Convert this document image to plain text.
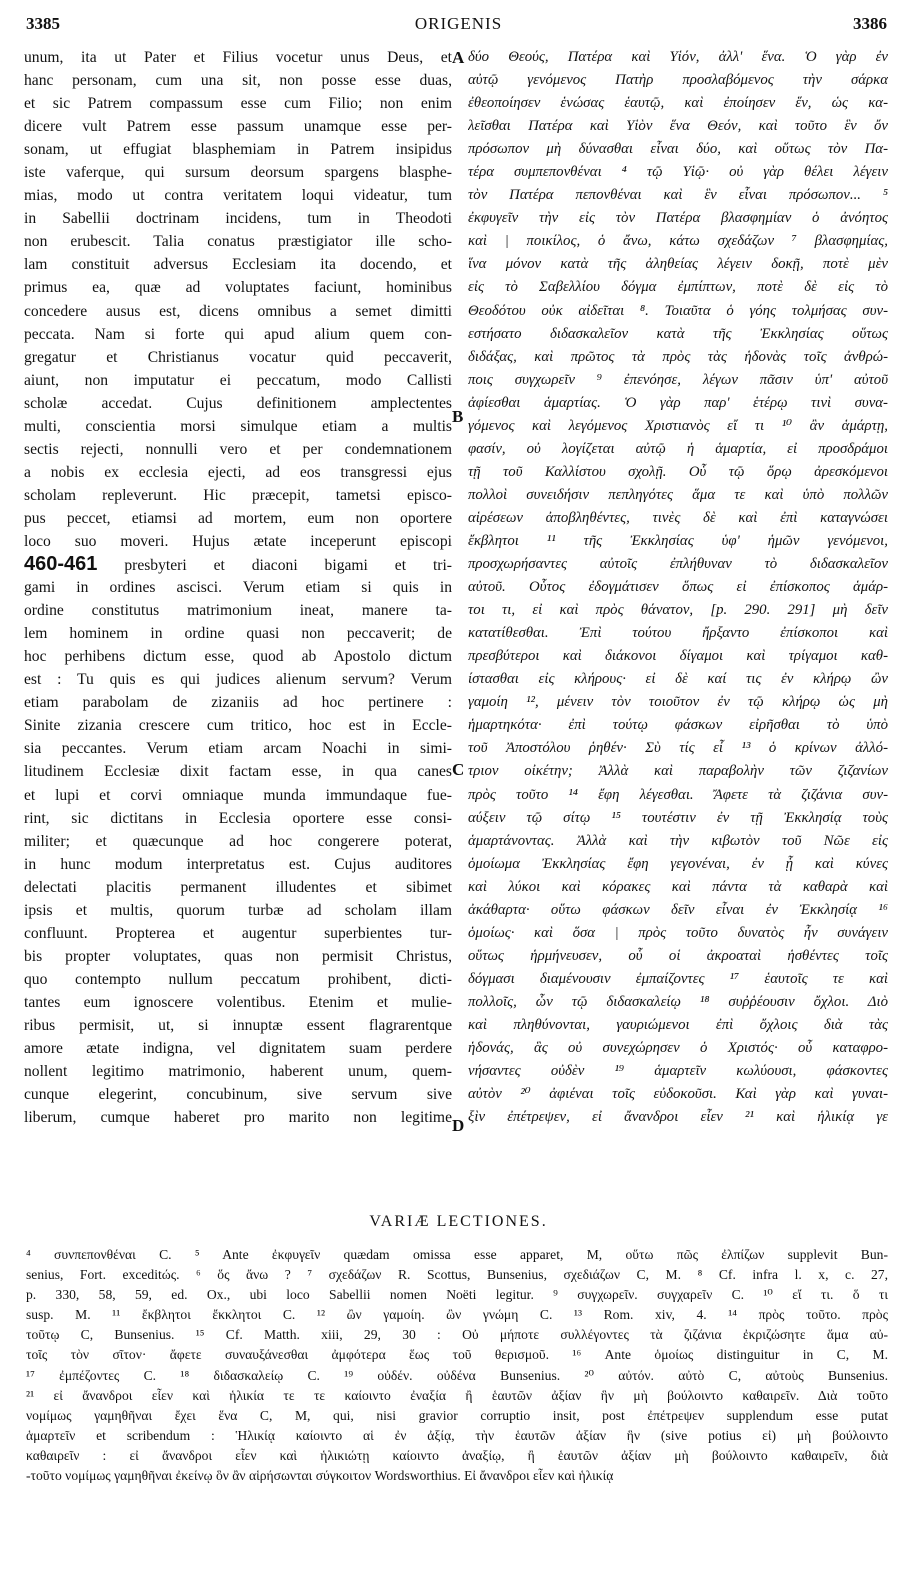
3385	ORIGENIS	3386
unum, ita ut Pater et Filius vocetur unus Deus, et
hanc personam, cum una sit, non posse esse duas,
et sic Patrem compassum esse cum Filio; non enim
dicere vult Patrem esse passum unamque esse per-
sonam, ut effugiat blasphemiam in Patrem insipidus
iste vaferque, qui sursum deorsum spargens blasphe-
mias, modo ut contra veritatem loqui videatur, tum
in Sabellii doctrinam incidens, tum in Theodoti
non erubescit. Talia conatus præstigiator ille scho-
lam constituit adversus Ecclesiam ita docendo, et
primus ea, quæ ad voluptates faciunt, hominibus
concedere ausus est, dicens omnibus a semet dimitti
peccata. Nam si forte qui apud alium quem con-
gregatur et Christianus vocatur quid peccaverit,
aiunt, non imputatur ei peccatum, modo Callisti
scholæ accedat. Cujus definitionem amplectentes
multi, conscientia morsi simulque etiam a multis
sectis rejecti, nonnulli vero et per condemnationem
a nobis ex ecclesia ejecti, ad eos transgressi ejus
scholam repleverunt. Hic præcepit, tametsi episco-
pus peccet, etiamsi ad mortem, eum non oportere
loco suo moveri. Hujus ætate inceperunt episcopi
460-461 presbyteri et diaconi bigami et tri-
gami in ordines ascisci. Verum etiam si quis in
ordine constitutus matrimonium ineat, manere ta-
lem hominem in ordine quasi non peccaverit; de
hoc perhibens dictum esse, quod ab Apostolo dictum
est : Tu quis es qui judices alienum servum? Verum
etiam parabolam de zizaniis ad hoc pertinere :
Sinite zizania crescere cum tritico, hoc est in Eccle-
sia peccantes. Verum etiam arcam Noachi in simi-
litudinem Ecclesiæ dixit factam esse, in qua canes
et lupi et corvi omniaque munda immundaque fue-
rint, sic dictitans in Ecclesia oportere esse consi-
militer; et quæcunque ad hoc congerere poterat,
in hunc modum interpretatus est. Cujus auditores
delectati placitis permanent illudentes et sibimet
ipsis et multis, quorum turbæ ad scholam illam
confluunt. Propterea et augentur superbientes tur-
bis propter voluptates, quas non permisit Christus,
quo contempto nullum peccatum prohibent, dicti-
tantes eum ignoscere volentibus. Etenim et mulie-
ribus permisit, ut, si innuptæ essent flagrarentque
amore ætate indigna, vel dignitatem suam perdere
nollent legitimo matrimonio, haberent unum, quem-
cunque elegerint, concubinum, sive servum sive
liberum, cumque haberet pro marito non legitime
δύο Θεούς, Πατέρα καὶ Υἱόν, ἀλλ' ἕνα. Ὁ γὰρ ἐν
αὐτῷ γενόμενος Πατὴρ προσλαβόμενος τὴν σάρκα
ἐθεοποίησεν ἑνώσας ἑαυτῷ, καὶ ἐποίησεν ἕν, ὡς κα-
λεῖσθαι Πατέρα καὶ Υἱὸν ἕνα Θεόν, καὶ τοῦτο ἓν ὄν
πρόσωπον μὴ δύνασθαι εἶναι δύο, καὶ οὕτως τὸν Πα-
τέρα συμπεπονθέναι ⁴ τῷ Υἱῷ· οὐ γὰρ θέλει λέγειν
τὸν Πατέρα πεπονθέναι καὶ ἓν εἶναι πρόσωπον... ⁵
ἐκφυγεῖν τὴν εἰς τὸν Πατέρα βλασφημίαν ὁ ἀνόητος
καὶ | ποικίλος, ὁ ἄνω, κάτω σχεδάζων ⁷ βλασφημίας,
ἵνα μόνον κατὰ τῆς ἀληθείας λέγειν δοκῇ, ποτὲ μὲν
εἰς τὸ Σαβελλίου δόγμα ἐμπίπτων, ποτὲ δὲ εἰς τὸ
Θεοδότου οὐκ αἰδεῖται ⁸. Τοιαῦτα ὁ γόης τολμήσας συν-
εστήσατο διδασκαλεῖον κατὰ τῆς Ἐκκλησίας οὕτως
διδάξας, καὶ πρῶτος τὰ πρὸς τὰς ἡδονὰς τοῖς ἀνθρώ-
ποις συγχωρεῖν ⁹ ἐπενόησε, λέγων πᾶσιν ὑπ' αὐτοῦ
ἀφίεσθαι ἁμαρτίας. Ὁ γὰρ παρ' ἑτέρῳ τινὶ συνα-
γόμενος καὶ λεγόμενος Χριστιανὸς εἴ τι ¹⁰ ἂν ἁμάρτῃ,
φασίν, οὐ λογίζεται αὐτῷ ἡ ἁμαρτία, εἰ προσδράμοι
τῇ τοῦ Καλλίστου σχολῇ. Οὗ τῷ ὅρῳ ἀρεσκόμενοι
πολλοὶ συνειδήσιν πεπληγότες ἅμα τε καὶ ὑπὸ πολλῶν
αἱρέσεων ἀποβληθέντες, τινὲς δὲ καὶ ἐπὶ καταγνώσει
ἔκβλητοι ¹¹ τῆς Ἐκκλησίας ὑφ' ἡμῶν γενόμενοι,
προσχωρήσαντες αὐτοῖς ἐπλήθυναν τὸ διδασκαλεῖον
αὐτοῦ. Οὗτος ἐδογμάτισεν ὅπως εἰ ἐπίσκοπος ἁμάρ-
τοι τι, εἰ καὶ πρὸς θάνατον, [p. 290. 291] μὴ δεῖν
κατατίθεσθαι. Ἐπὶ τούτου ἤρξαντο ἐπίσκοποι καὶ
πρεσβύτεροι καὶ διάκονοι δίγαμοι καὶ τρίγαμοι καθ-
ίστασθαι εἰς κλήρους· εἰ δὲ καί τις ἐν κλήρῳ ὢν
γαμοίη ¹², μένειν τὸν τοιοῦτον ἐν τῷ κλήρῳ ὡς μὴ
ἡμαρτηκότα· ἐπὶ τούτῳ φάσκων εἰρῆσθαι τὸ ὑπὸ
τοῦ Ἀποστόλου ῥηθέν· Σὺ τίς εἶ ¹³ ὁ κρίνων ἀλλό-
τριον οἰκέτην; Ἀλλὰ καὶ παραβολὴν τῶν ζιζανίων
πρὸς τοῦτο ¹⁴ ἔφη λέγεσθαι. Ἄφετε τὰ ζιζάνια συν-
αύξειν τῷ σίτῳ ¹⁵ τουτέστιν ἐν τῇ Ἐκκλησίᾳ τοὺς
ἁμαρτάνοντας. Ἀλλὰ καὶ τὴν κιβωτὸν τοῦ Νῶε εἰς
ὁμοίωμα Ἐκκλησίας ἔφη γεγονέναι, ἐν ᾗ καὶ κύνες
καὶ λύκοι καὶ κόρακες καὶ πάντα τὰ καθαρὰ καὶ
ἀκάθαρτα· οὕτω φάσκων δεῖν εἶναι ἐν Ἐκκλησίᾳ ¹⁶
ὁμοίως· καὶ ὅσα | πρὸς τοῦτο δυνατὸς ἦν συνάγειν
οὕτως ἡρμήνευσεν, οὗ οἱ ἀκροαταὶ ἡσθέντες τοῖς
δόγμασι διαμένουσιν ἐμπαίζοντες ¹⁷ ἑαυτοῖς τε καὶ
πολλοῖς, ὧν τῷ διδασκαλείῳ ¹⁸ συῤῥέουσιν ὄχλοι. Διὸ
καὶ πληθύνονται, γαυριώμενοι ἐπὶ ὄχλοις διὰ τὰς
ἡδονάς, ἃς οὐ συνεχώρησεν ὁ Χριστός· οὗ καταφρο-
νήσαντες οὐδὲν ¹⁹ ἁμαρτεῖν κωλύουσι, φάσκοντες
αὐτὸν ²⁰ ἀφιέναι τοῖς εὐδοκοῦσι. Καὶ γὰρ καὶ γυναι-
ξὶν ἐπέτρεψεν, εἰ ἄνανδροι εἶεν ²¹ καὶ ἡλικίᾳ γε
A
B
C
D
VARIÆ LECTIONES.
⁴ συνπεπονθέναι C. ⁵ Ante ἐκφυγεῖν quædam omissa esse apparet, M, οὕτω πῶς ἐλπίζων supplevit Bun-
senius, Fort. exceditώς. ⁶ ὅς ἄνω ? ⁷ σχεδάζων R. Scottus, Bunsenius, σχεδιάζων C, M. ⁸ Cf. infra l. x, c. 27,
p. 330, 58, 59, ed. Ox., ubi loco Sabellii nomen Noëti legitur. ⁹ συγχωρεῖν. συγχαρεῖν C. ¹⁰ εἴ τι. ὅ τι
susp. M. ¹¹ ἔκβλητοι ἔκκλητοι C. ¹² ὢν γαμοίη. ὢν γνώμη C. ¹³ Rom. xiv, 4. ¹⁴ πρὸς τοῦτο. πρὸς
τοῦτῳ C, Bunsenius. ¹⁵ Cf. Matth. xiii, 29, 30 : Οὐ μήποτε συλλέγοντες τὰ ζιζάνια ἐκριζώσητε ἅμα αὐ-
τοῖς τὸν σῖτον· ἄφετε συναυξάνεσθαι ἀμφότερα ἕως τοῦ θερισμοῦ. ¹⁶ Ante ὁμοίως distinguitur in C, M.
¹⁷ ἐμπέζοντες C. ¹⁸ διδασκαλείῳ C. ¹⁹ οὐδέν. οὐδένα Bunsenius. ²⁰ αὐτόν. αὐτὸ C, αὐτοὺς Bunsenius.
²¹ εἰ ἄνανδροι εἶεν καὶ ἡλικία τε τε καίοιντο ἐναξία ἢ ἑαυτῶν ἀξίαν ἣν μὴ βούλοιντο καθαιρεῖν. Διὰ τοῦτο
νομίμως γαμηθῆναι ἔχει ἕνα C, M, qui, nisi gravior corruptio insit, post ἐπέτρεψεν supplendum esse putat
ἁμαρτεῖν et scribendum : Ἡλικίᾳ καίοιντο αἱ ἐν ἀξίᾳ, τὴν ἑαυτῶν ἀξίαν ἣν (sive potius εἰ) μὴ βούλοιντο
καθαιρεῖν : εἰ ἄνανδροι εἶεν καὶ ἡλικιώτῃ καίοιντο ἀναξίῳ, ἢ ἑαυτῶν ἀξίαν μὴ βούλοιντο καθαιρεῖν, διὰ
-τοῦτο νομίμως γαμηθῆναι ἐκείνῳ ὃν ἂν αἱρήσωνται σύγκοιτον Wordsworthius. Εἰ ἄνανδροι εἶεν καὶ ἡλικίᾳ
